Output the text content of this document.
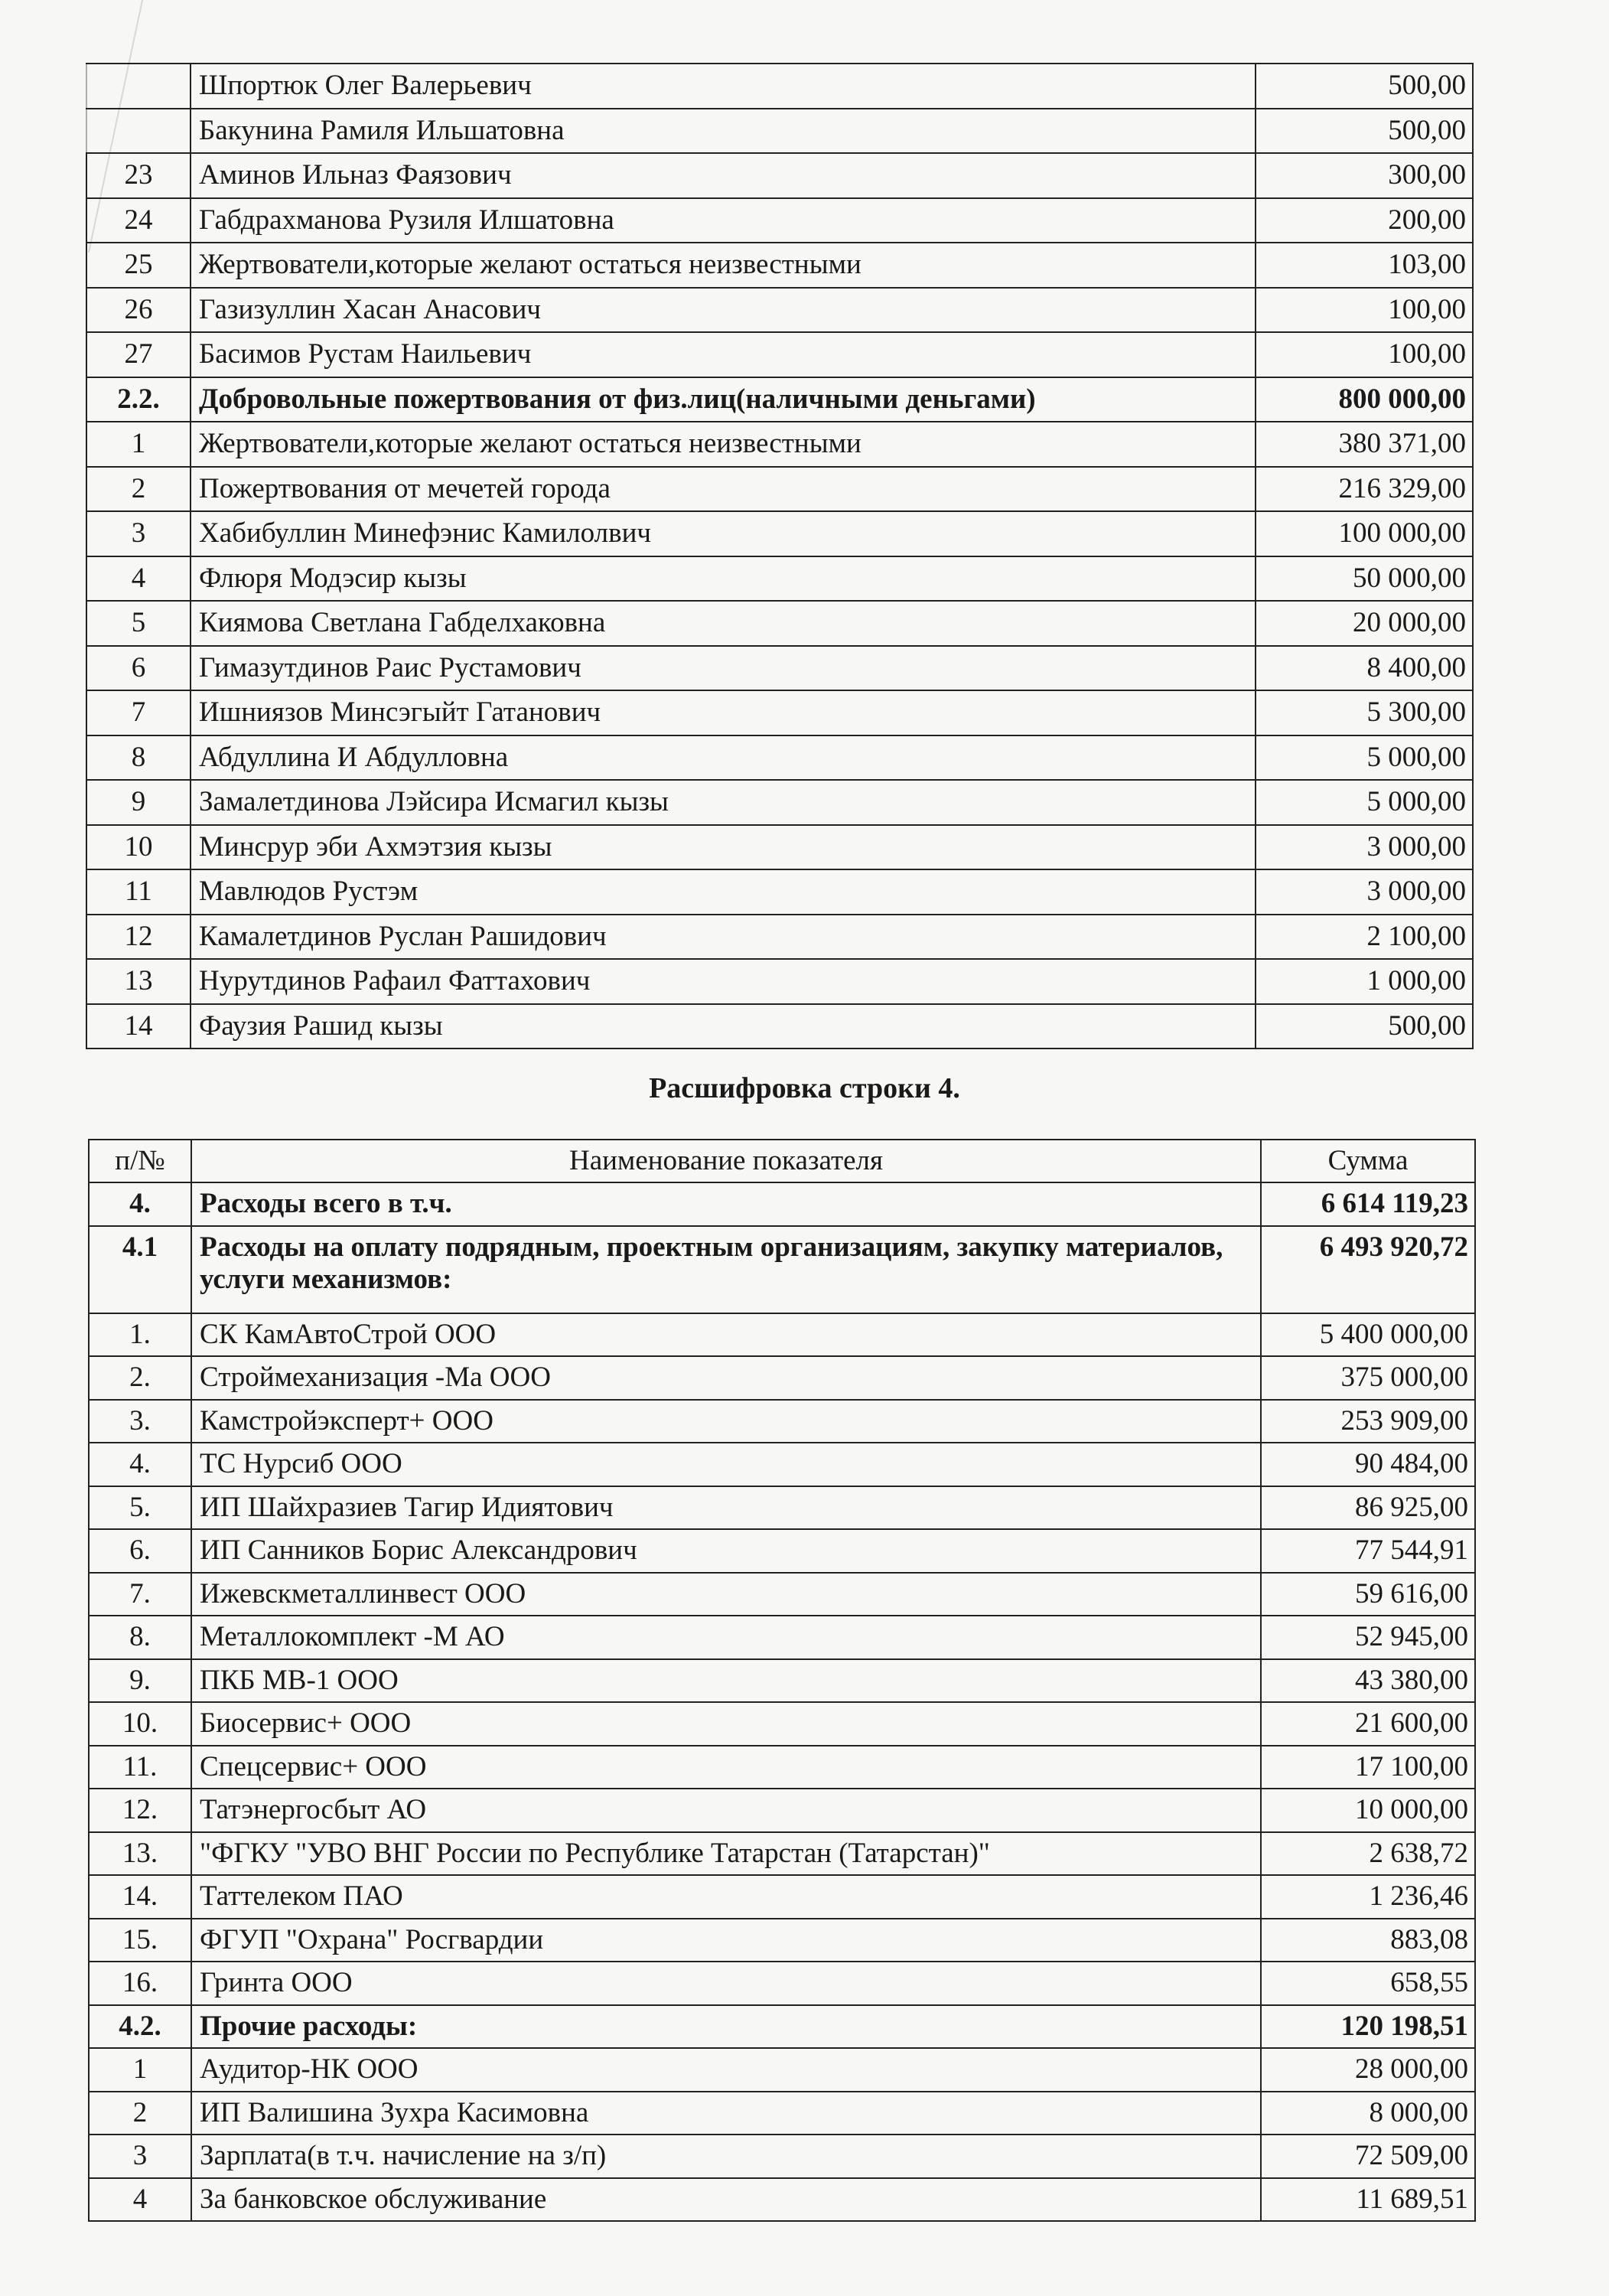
	Шпортюк Олег Валерьевич	500,00
	Бакунина Рамиля Ильшатовна	500,00
23	Аминов Ильназ Фаязович	300,00
24	Габдрахманова Рузиля Илшатовна	200,00
25	Жертвователи,которые желают остаться неизвестными	103,00
26	Газизуллин Хасан Анасович	100,00
27	Басимов Рустам Наильевич	100,00
2.2.	Добровольные пожертвования от физ.лиц(наличными деньгами)	800 000,00
1	Жертвователи,которые желают остаться неизвестными	380 371,00
2	Пожертвования от мечетей города	216 329,00
3	Хабибуллин Минефэнис Камилолвич	100 000,00
4	Флюря Модэсир кызы	50 000,00
5	Киямова Светлана Габделхаковна	20 000,00
6	Гимазутдинов Раис Рустамович	8 400,00
7	Ишниязов Минсэгыйт Гатанович	5 300,00
8	Абдуллина И Абдулловна	5 000,00
9	Замалетдинова Лэйсира Исмагил кызы	5 000,00
10	Минсрур эби Ахмэтзия кызы	3 000,00
11	Мавлюдов Рустэм	3 000,00
12	Камалетдинов Руслан Рашидович	2 100,00
13	Нурутдинов Рафаил Фаттахович	1 000,00
14	Фаузия Рашид кызы	500,00
Расшифровка строки 4.
п/№	Наименование показателя	Сумма
4.	Расходы всего в т.ч.	6 614 119,23
4.1	Расходы на оплату подрядным, проектным организациям, закупку материалов, услуги механизмов:	6 493 920,72
1.	СК КамАвтоСтрой ООО	5 400 000,00
2.	Строймеханизация -Ма ООО	375 000,00
3.	Камстройэксперт+ ООО	253 909,00
4.	ТС Нурсиб ООО	90 484,00
5.	ИП Шайхразиев Тагир Идиятович	86 925,00
6.	ИП Санников Борис Александрович	77 544,91
7.	Ижевскметаллинвест ООО	59 616,00
8.	Металлокомплект -М АО	52 945,00
9.	ПКБ МВ-1 ООО	43 380,00
10.	Биосервис+ ООО	21 600,00
11.	Спецсервис+ ООО	17 100,00
12.	Татэнергосбыт АО	10 000,00
13.	"ФГКУ "УВО ВНГ России по Республике Татарстан (Татарстан)"	2 638,72
14.	Таттелеком ПАО	1 236,46
15.	ФГУП "Охрана" Росгвардии	883,08
16.	Гринта ООО	658,55
4.2.	Прочие расходы:	120 198,51
1	Аудитор-НК ООО	28 000,00
2	ИП Валишина Зухра Касимовна	8 000,00
3	Зарплата(в т.ч. начисление на з/п)	72 509,00
4	За банковское обслуживание	11 689,51
